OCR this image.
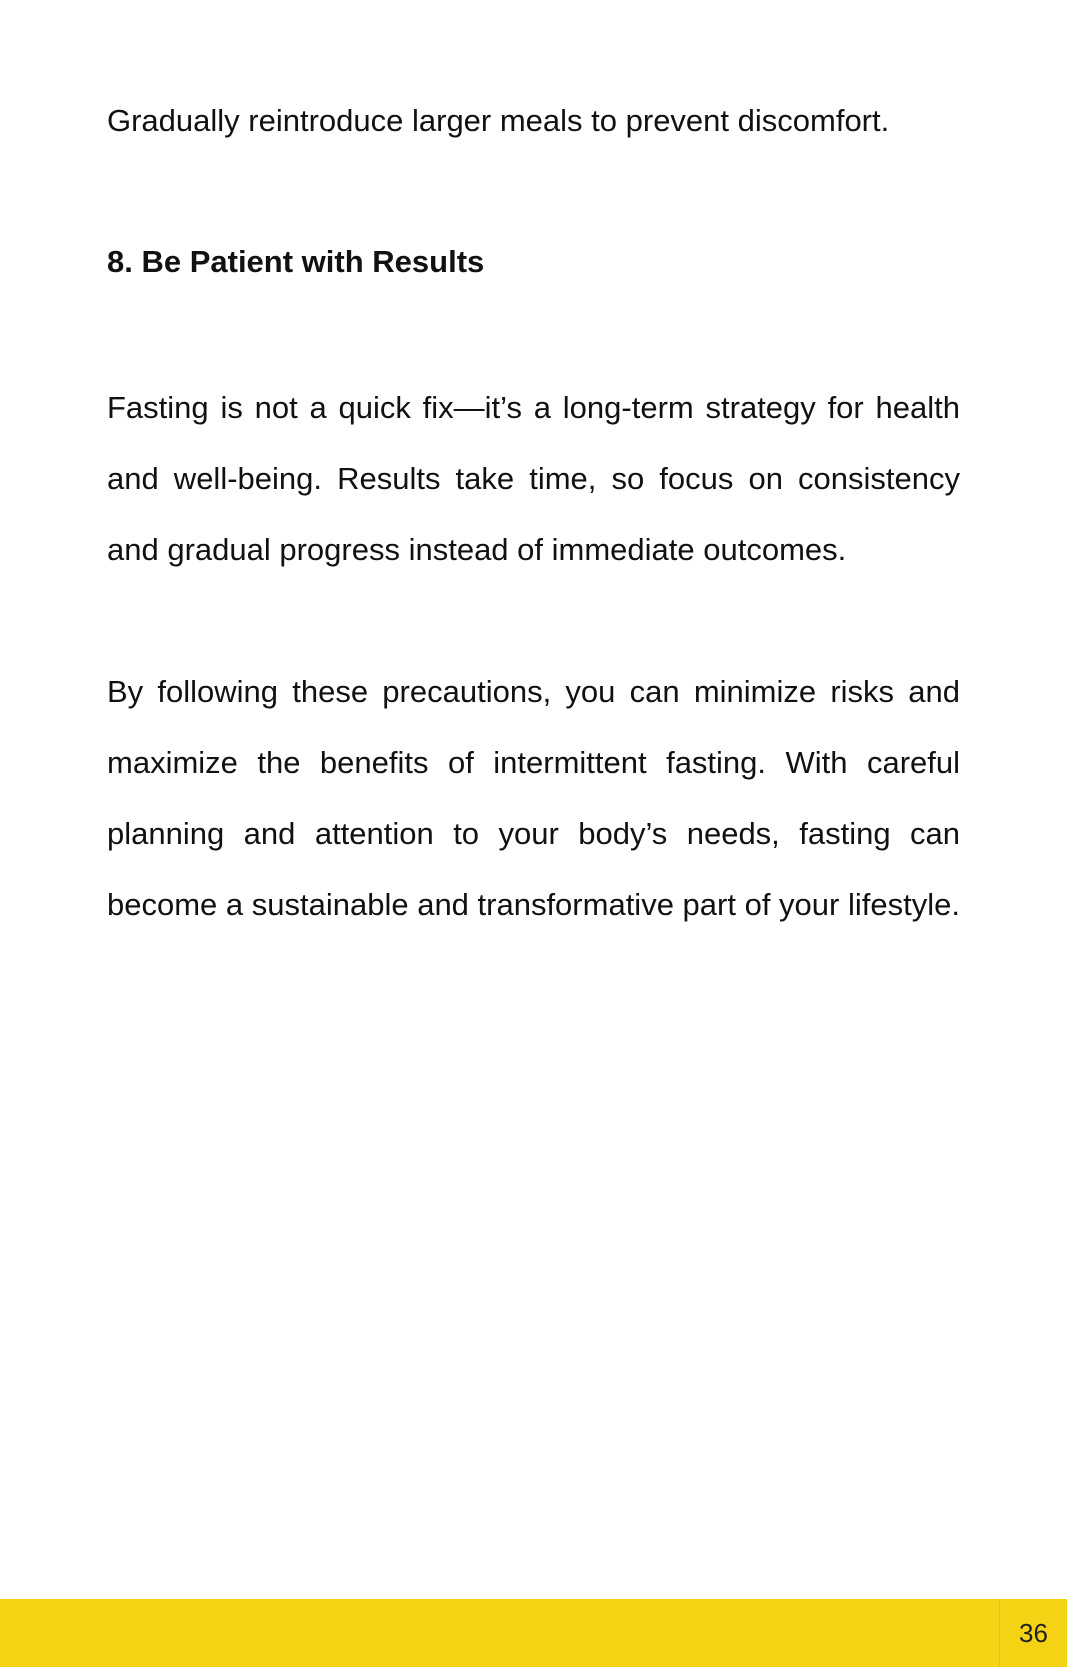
Gradually reintroduce larger meals to prevent discomfort.

8. Be Patient with Results

Fasting is not a quick fix—it’s a long-term strategy for health and well-being. Results take time, so focus on consistency and gradual progress instead of immediate outcomes.

By following these precautions, you can minimize risks and maximize the benefits of intermittent fasting. With careful planning and attention to your body’s needs, fasting can become a sustainable and transformative part of your lifestyle.

36
